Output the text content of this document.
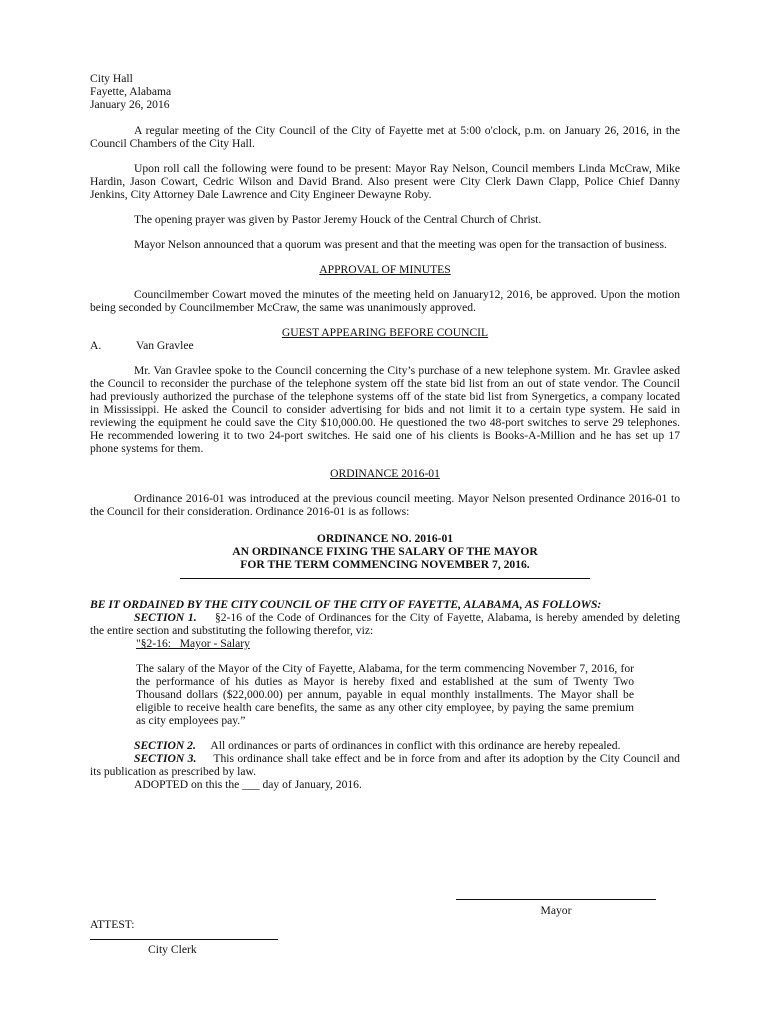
City Hall
Fayette, Alabama
January 26, 2016

A regular meeting of the City Council of the City of Fayette met at 5:00 o'clock, p.m. on January 26, 2016, in the Council Chambers of the City Hall.

Upon roll call the following were found to be present: Mayor Ray Nelson, Council members Linda McCraw, Mike Hardin, Jason Cowart, Cedric Wilson and David Brand. Also present were City Clerk Dawn Clapp, Police Chief Danny Jenkins, City Attorney Dale Lawrence and City Engineer Dewayne Roby.

The opening prayer was given by Pastor Jeremy Houck of the Central Church of Christ.

Mayor Nelson announced that a quorum was present and that the meeting was open for the transaction of business.

APPROVAL OF MINUTES

Councilmember Cowart moved the minutes of the meeting held on January12, 2016, be approved. Upon the motion being seconded by Councilmember McCraw, the same was unanimously approved.

GUEST APPEARING BEFORE COUNCIL
A.	Van Gravlee

Mr. Van Gravlee spoke to the Council concerning the City’s purchase of a new telephone system. Mr. Gravlee asked the Council to reconsider the purchase of the telephone system off the state bid list from an out of state vendor. The Council had previously authorized the purchase of the telephone systems off of the state bid list from Synergetics, a company located in Mississippi. He asked the Council to consider advertising for bids and not limit it to a certain type system. He said in reviewing the equipment he could save the City $10,000.00. He questioned the two 48-port switches to serve 29 telephones. He recommended lowering it to two 24-port switches. He said one of his clients is Books-A-Million and he has set up 17 phone systems for them.

ORDINANCE 2016-01

Ordinance 2016-01 was introduced at the previous council meeting. Mayor Nelson presented Ordinance 2016-01 to the Council for their consideration. Ordinance 2016-01 is as follows:

ORDINANCE NO. 2016-01
AN ORDINANCE FIXING THE SALARY OF THE MAYOR
FOR THE TERM COMMENCING NOVEMBER 7, 2016.

BE IT ORDAINED BY THE CITY COUNCIL OF THE CITY OF FAYETTE, ALABAMA, AS FOLLOWS:

SECTION 1. §2-16 of the Code of Ordinances for the City of Fayette, Alabama, is hereby amended by deleting the entire section and substituting the following therefor, viz:

"§2-16:   Mayor - Salary

The salary of the Mayor of the City of Fayette, Alabama, for the term commencing November 7, 2016, for the performance of his duties as Mayor is hereby fixed and established at the sum of Twenty Two Thousand dollars ($22,000.00) per annum, payable in equal monthly installments. The Mayor shall be eligible to receive health care benefits, the same as any other city employee, by paying the same premium as city employees pay.”

SECTION 2. All ordinances or parts of ordinances in conflict with this ordinance are hereby repealed.

SECTION 3. This ordinance shall take effect and be in force from and after its adoption by the City Council and its publication as prescribed by law.

ADOPTED on this the ___ day of January, 2016.

Mayor
ATTEST:
City Clerk
